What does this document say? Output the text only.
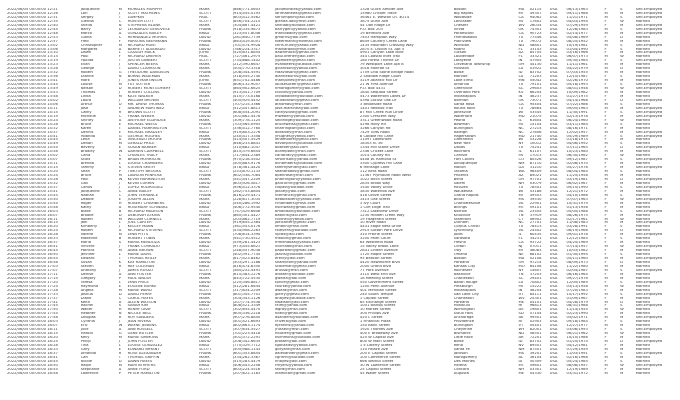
2022/06/05 00:00:00 12:21	Jacqueline	M	MORALES MURPHY	MARK	(866)771-0603	jacqmorales@yahoo.com	1328 Gulch Ambler Ave	Boston	MA	02115	USA	06/13/1963	F	S	Self-Employed
2022/06/05 00:00:00 12:26	Lori	J	SCOTT MATHEWS	SCOTT	(914)555-0193	lorimathews@gmail.com	15980 Cricket Trace	Big Rapids	MI	49307	USA	09/11/1988	M	M	Self-Employed
2022/06/05 00:00:00 12:31	Sergey	T	LUMPKIN	PAUL	(603)412-5562	serlumpkin@aol.com	36461 E. Weston Ln. #214	Woodside	CA	94062	USA	11/21/1971	M	S	Self-Employed
2022/06/05 00:00:00 12:35	Glenda	C	HUNTER LOTT	SCOTT	(856)704-2215	glenda.lott@msn.com	3875 Dunn Ave	Lancaster	PA	17602	USA	04/03/1994	F	W	Married
2022/06/05 00:00:00 12:40	Sheila	N	STEPHENS BLANK	MARK	(304)867-4421	sheilab@outlook.com	44 Oak Ridge Dr	Chester	WV	26034	USA	07/29/1959	F	M	Self-Employed
2022/06/05 00:00:00 12:44	Barry	D	LEONARDO GENOVESE	FRANK	(918)335-9873	barrygen@yahoo.com	P.O. Box 203	Vinita	OK	74301	USA	12/28/1983	M	S	Self-Employed
2022/06/05 00:00:00 12:48	Marco	A	GONZALES BAILEY	BRAD	(323)557-8046	marcobailey@gmail.com	19 Belmont Ave	Paramount	CA	90723	USA	02/14/1977	M	M	Self-Employed
2022/06/05 00:00:00 12:53	Gloria	C	HERNANDEZ MORRIS	DAVID	(281)640-7739	gmorris@aol.com	7403 Hampton Way	Friendswood	TX	77546	USA	05/08/1969	F	D	Married
2022/06/05 00:00:00 12:57	Fred	F	PARSONS BEERMANN	FRANK	(863)419-0051	fbeermann@hotmail.com	8649 Country Creek Lane	Plainview	TX	79072	USA	08/25/1952	M	M	Married
2022/06/05 00:00:00 13:02	Christopher	M	RICHARD HUNT	BRAD	(701)574-9928	chris.hunt@yahoo.com	1435 Mountain Crossing Way	Williston	ND	58801	USA	10/19/1981	M	S	Self-Employed
2022/06/05 00:00:00 13:06	Margaret	A	BARRETT ALVARADO	DAVID	(786)224-3317	malvarado@msn.com	2870 E. Dublin St. Apt 5	Miami	FL	33143	USA	01/04/1990	F	S	Married
2022/06/05 00:00:00 13:10	Dawn	L	CASSIDY MACK	JOHN	(520)631-8854	dawnmack@gmail.com	4901 Canyon Lake Blvd	Tucson	AZ	85705	USA	03/16/1966	F	M	Self-Employed
2022/06/05 00:00:00 13:15	Paul	F	RICHARD DREHER	PAUL	(727)461-2975	paul.dreher@aol.com	344 Coastal Inlet Trail	Lauderdale	FL	33321	USA	06/07/1973	M	W	Married
2022/06/05 00:00:00 13:19	Ypolita	T	JUSTIN GIMBERT	SCOTT	(734)688-1402	ygimbert@gmail.com	180 Forest Thorne Dr	Lafayette	IN	47905	USA	09/30/1985	F	S	Self-Employed
2022/06/05 00:00:00 13:23	Evan	J	SPENCER BEERS	MARK	(212)390-6647	evanbeers@outlook.com	79 Westport Lane Apt B	Cleveland Township	OH	44130	USA	11/11/1961	M	M	Married
2022/06/05 00:00:00 13:28	George	T	DAVID CLARKSON	MARK	(504)770-3318	gclarkson@yahoo.com	3016 Monroe St	Houston	LA	01922	USA	04/22/1979	M	D	Married
2022/06/05 00:00:00 13:32	Robert	G	THEODORE DAVIDSON	FRANK	(208)344-5591	rtdavidson@gmail.com	1759 Lino Stone Bridge Road	Boise	ID	83702	USA	07/03/1955	M	M	Married
2022/06/05 00:00:00 13:36	Dianne	N	BURNS WIDEMAN	MARK	(318)555-2740	dianneburns@aol.com	2 Shadow Ridge Court	Monroe	LA	71203	USA	12/15/1987	F	S	Married
2022/06/05 00:00:00 13:41	Mark	J	JONES MARTINSON	JOHN	(651)702-4486	markjones@msn.com	3219 Atlantic Mill Dr	Lake Elmo	MN	55042	USA	02/26/1970	M	M	Married
2022/06/05 00:00:00 13:45	Louise	M	FUT SUTTER	FRANK	(806)132-9057	louisesutter@gmail.com	21 W First Avenue	Amarillo	TX	79101	USA	05/18/1993	F	S	Self-Employed
2022/06/05 00:00:00 13:49	Nelson	D	ROBERT MONTGOMERY	SCOTT	(864)902-6625	nmontgomery@aol.com	P.O. Box 4431	Greenville	SC	29603	USA	08/01/1958	M	W	Self-Employed
2022/06/05 00:00:00 13:53	Thomas	J	ROBERT COLLINS	DAVID	(913)441-7709	tcollins@yahoo.com	1840 Sequoia Street	Overland Park	KS	66204	USA	10/09/1982	M	M	Married
2022/06/05 00:00:00 13:58	Linda	M	KATE WALKER	MARK	(415)773-0168	lindawalker@outlook.com	5473 Waterford Lakes Dr	Indianapolis	IN	46237	USA	01/27/1975	F	M	Married
2022/06/05 00:00:00 14:02	Laura	J	WILLIAM BROWN	SCOTT	(405)929-4452	laurabrown@gmail.com	4398 Locust Oak Dr	Norman	OK	73071	USA	04/14/1968	F	D	Self-Employed
2022/06/05 00:00:00 14:06	Arthur	D	MR. DREW THOMAS	FRANK	(707)215-3366	athomas@msn.com	3 Brookside Road	Santa Rosa	CA	95404	USA	07/22/1986	M	S	Married
2022/06/05 00:00:00 14:11	Jose	F	ANDREW MARTINEZ	BRAD	(512)447-8813	jose.martinez@aol.com	1401 Redbud Trail	Round Rock	TX	78664	USA	09/05/1963	M	M	Self-Employed
2022/06/05 00:00:00 14:15	Cathy	R	BROWN SCOTT	FRANK	(608)554-2091	cathyscott@gmail.com	87 Mill Creek Run Drive	Janesville	WI	53545	USA	11/30/1991	F	S	Self-Employed
2022/06/05 00:00:00 14:19	Michelle	C	FRANK WEBER	DAVID	(301)662-4478	mweber@yahoo.com	2300 Crescent Way	Waterford	MD	21075	USA	02/13/1978	F	M	Self-Employed
2022/06/05 00:00:00 14:24	Shirley	A	ANTHONY ELDRIDGE	MARK	(309)778-1125	seldridge@outlook.com	3311 Greenwood Road	Peoria	IL	61604	USA	06/24/1960	F	W	Married
2022/06/05 00:00:00 14:28	Bruce	E	MICHAEL WEISS	FRANK	(703)565-0993	bruceweiss@gmail.com	4198 Holly Rd	Bowman	PA	15104	USA	03/11/1984	M	S	Married
2022/06/05 00:00:00 14:32	Karen	T	DANIEL HARRINGTON	SCOTT	(336)412-7760	kharrington@aol.com	3266 Canyon Rd	Burlington	NC	27215	USA	08/16/1971	F	M	Married
2022/06/05 00:00:00 14:37	Dennis	E	MICHAEL BRADLEY	BRAD	(919)803-2276	dbradley@msn.com	7429 Tufts Road	Raleigh	NC	27606	USA	12/02/1957	M	M	Self-Employed
2022/06/05 00:00:00 14:41	Yolanda	G	GEORGE HUGHES	MARK	(240)417-3358	yhughes@yahoo.com	8 Cobble Hill Lane	Hagerstown	MD	21740	USA	05/29/1989	F	S	Self-Employed
2022/06/05 00:00:00 14:45	Lena	A	VINCENZO MOORE	FRANK	(414)507-5529	lenamoore@gmail.com	11097 Lakeshore	Greenfield	WI	53228	USA	01/18/1974	F	M	Married
2022/06/05 00:00:00 14:49	Devon	M	GERALD PRICE	DAVID	(646)233-8841	devonprice@outlook.com	18303 N. 36	New York	NY	10012	USA	04/06/1992	M	S	Married
2022/06/05 00:00:00 14:54	Beverly	E	SUSAN BARBER	BRAD	(310)682-1047	bbarber@aol.com	1344 Mill Stone Drive	Dallas	TX	75241	USA	07/11/1965	F	D	Self-Employed
2022/06/05 00:00:00 14:58	Bradley	W	DARREN CAMPBELL	SCOTT	(815)379-6654	bcampbell@msn.com	2346 Cricket Lane	Rockford	IL	61107	USA	10/23/1980	M	M	Married
2022/06/05 00:00:00 15:02	Carla	C	CHARLES TRACY	MARK	(717)644-2389	carlatracy@gmail.com	1014 County Rd	Carlisle	PA	17013	USA	06/30/1962	F	W	Married
2022/06/05 00:00:00 15:07	Scott	R	BRIAN MORRISON	FRANK	(970)218-5502	smorrison@yahoo.com	4408 W. Ramona St	Fort Collins	CO	80526	USA	09/12/1987	M	S	Self-Employed
2022/06/05 00:00:00 15:11	Brenda	L	LOUISE CHAMBERS	DAVID	(505)883-9176	bchambers@outlook.com	3300 Cypress Hill Lane	Albuquerque	NM	87110	USA	02/08/1970	F	M	Married
2022/06/05 00:00:00 15:15	Tammy	S	STEVEN SMITH	BRAD	(478)361-4420	tammysmith@aol.com	6 Heritage Lane	Macon	GA	31210	USA	05/27/1976	F	M	Self-Employed
2022/06/05 00:00:00 15:20	Sean	P	TIMOTHY BROOKS	SCOTT	(253)870-1133	seanbrooks@gmail.com	112 Kent Road	Tacoma	WA	98409	USA	08/04/1984	M	S	Married
2022/06/05 00:00:00 15:24	Bruce	M	LAWSON PENROSE	FRANK	(602)338-7064	bpenrose@msn.com	11367 Plymouth Road West	Phoenix	AZ	85021	USA	11/25/1958	M	M	Married
2022/06/05 00:00:00 15:28	Paul	W	KEVIN HARRINGTON	MARK	(541)447-2209	pharrington@yahoo.com	1022 Birch Street	Bend	OR	97701	USA	03/19/1981	M	D	Self-Employed
2022/06/05 00:00:00 15:32	Gail	J	KEVIN CURRIN	DAVID	(603)926-5817	gailcurrin@gmail.com	2835 Brook Way	Salem	NH	03079	USA	06/02/1967	F	M	Married
2022/06/05 00:00:00 15:37	Carlos	J	LOPEZ RODRIGUEZ	BRAD	(956)412-3376	clopez@outlook.com	1540 Valley Drive	McAllen	TX	78501	USA	09/15/1990	M	S	Self-Employed
2022/06/05 00:00:00 15:41	Jacqueline	C	ANNE BAILEY	SCOTT	(262)753-8804	jbailey@aol.com	3830 Waterloo Ave	Waukesha	WI	53186	USA	12/21/1972	F	M	Married
2022/06/05 00:00:00 15:45	Nathan	C	JOHN TERRANCE	FRANK	(616)229-4471	nterrance@gmail.com	418 Grove Street	Grand Rapids	MI	49503	USA	04/10/1986	M	S	Married
2022/06/05 00:00:00 15:50	Debbie	E	JOSEPH ALLEN	MARK	(228)617-3035	debbieallen@yahoo.com	1415 Oak Street	Biloxi	MS	39530	USA	07/07/1963	F	W	Self-Employed
2022/06/05 00:00:00 15:54	Roger	H	ROBERT CHAMBERS	DAVID	(540)286-1992	rchambers@msn.com	3 Ivy Court	Charlottesville	VA	22901	USA	10/31/1979	M	M	Married
2022/06/05 00:00:00 15:58	Kathy	A	ROSEMARY SCHWARZ	BRAD	(406)772-9540	kschwarz@gmail.com	1 Cliff Edge Trail	Billings	MT	59101	USA	01/13/1956	F	M	Married
2022/06/05 00:00:00 16:03	Blake	B	RICHARD MADISON	SCOTT	(757)429-6608	bmadison@outlook.com	7312 Lakeview Drive	Norfolk	VA	23505	USA	05/05/1988	M	S	Self-Employed
2022/06/05 00:00:00 16:07	Brooke	D	DEBORAH ATKINS	FRANK	(865)301-4427	batkins@aol.com	1230 Hidden Creek Way	Knoxville	TN	37919	USA	08/26/1975	F	M	Married
2022/06/05 00:00:00 16:11	Robert	M	WILLIAM CORNELL	MARK	(203)862-7719	rcornell@yahoo.com	19 Fitzgerald Street	Stamford	CT	06902	USA	02/17/1961	M	W	Married
2022/06/05 00:00:00 16:15	Joel	L	JOEL CARTER	DAVID	(919)655-2384	joelcarter@gmail.com	10 River Road	Durham	NC	27701	USA	11/08/1983	M	M	Self-Employed
2022/06/05 00:00:00 16:20	Kimberly	J	KELLEY MANN	BRAD	(361)553-0176	kmann@msn.com	4441 Eagle Nest Drive	Corpus Christi	TX	78413	USA	03/28/1991	F	S	Married
2022/06/05 00:00:00 16:24	Robert	A	RICHARD STEVENS	SCOTT	(434)908-2263	rstevens@outlook.com	2915 Sutton Park Drive	Lynchburg	VA	24502	USA	06/19/1966	M	D	Married
2022/06/05 00:00:00 16:28	Valerie	M	LYNN PITTS	FRANK	(708)614-3390	vpitts@aol.com	310 Prairie Street	Joliet	IL	60435	USA	09/01/1978	F	M	Self-Employed
2022/06/05 00:00:00 16:33	Madeline	B	ROBERT TOBIN	MARK	(941)730-5512	mtobin@gmail.com	3200 Palm Court	Sarasota	FL	34231	USA	12/12/1985	F	S	Married
2022/06/05 00:00:00 16:37	Maria	S	MARIA MENDOZA	DAVID	(559)281-4423	mmendoza@yahoo.com	64 Westfield Road	Fresno	CA	93722	USA	04/25/1969	F	M	Married
2022/06/05 00:00:00 16:41	Vincent	J	FRANK CORRADO	BRAD	(973)455-6621	vcorrado@msn.com	15 Valley Brook Lane	Clifton	NJ	07011	USA	07/14/1957	M	W	Self-Employed
2022/06/05 00:00:00 16:45	Patricia	M	ANNE BROWN	SCOTT	(248)557-9038	patbrown@gmail.com	2841 Linden Avenue	Troy	MI	48083	USA	10/03/1982	F	M	Married
2022/06/05 00:00:00 16:50	Jennifer	L	MARIE DAVIS	FRANK	(402)391-7745	jdavis@outlook.com	1720 Maple Street	Omaha	NE	68102	USA	01/30/1994	F	S	Married
2022/06/05 00:00:00 16:54	Edward	T	THOMAS REILLY	MARK	(617)523-8462	ereilly@aol.com	95 Beacon Street	Boston	MA	02108	USA	05/11/1960	M	M	Self-Employed
2022/06/05 00:00:00 16:58	Susan	K	KAY HAMILTON	DAVID	(503)297-1188	shamilton@yahoo.com	4420 Hawthorne Blvd	Portland	OR	97214	USA	08/09/1973	F	D	Married
2022/06/05 00:00:00 17:03	Steven	R	RAY COLEMAN	BRAD	(816)474-6350	scoleman@gmail.com	2000 Grand Blvd	Kansas City	MO	64108	USA	11/22/1980	M	M	Married
2022/06/05 00:00:00 17:07	Anthony	J	JAMES RUSSO	SCOTT	(585)232-4491	arusso@msn.com	77 Park Avenue	Rochester	NY	14607	USA	02/04/1987	M	S	Self-Employed
2022/06/05 00:00:00 17:11	Denise	A	ANN FOSTER	FRANK	(615)383-2276	dfoster@outlook.com	3110 West End Ave	Nashville	TN	37203	USA	06/16/1964	F	M	Married
2022/06/05 00:00:00 17:15	Gregory	P	PAUL WALSH	MARK	(843)722-5530	gwalsh@aol.com	18 Meeting Street	Charleston	SC	29401	USA	09/27/1976	M	M	Married
2022/06/05 00:00:00 17:20	Teresa	L	LYNN PRICE	DAVID	(225)346-8817	tprice@gmail.com	550 Government Street	Baton Rouge	LA	70802	USA	12/05/1989	F	S	Self-Employed
2022/06/05 00:00:00 17:24	Raymond	E	EUGENE BURKE	BRAD	(412)281-6644	rburke@yahoo.com	1200 Penn Avenue	Pittsburgh	PA	15222	USA	03/13/1958	M	W	Married
2022/06/05 00:00:00 17:28	Angela	M	MARIE WARD	SCOTT	(317)634-2209	award@msn.com	401 Meridian Street	Indianapolis	IN	46204	USA	07/20/1983	F	M	Married
2022/06/05 00:00:00 17:33	Joshua	D	DAVID PERRY	FRANK	(801)355-7701	jperry@gmail.com	240 South Temple	Salt Lake City	UT	84111	USA	10/17/1992	M	S	Self-Employed
2022/06/05 00:00:00 17:37	Diane	C	CAROL HAYES	MARK	(304)343-1126	dhayes@outlook.com	1 Capitol Street	Charleston	WV	25301	USA	01/09/1967	F	M	Married
2022/06/05 00:00:00 17:41	Keith	A	ALLEN WATSON	DAVID	(207)774-5538	kwatson@aol.com	65 Exchange Street	Portland	ME	04101	USA	04/28/1979	M	D	Married
2022/06/05 00:00:00 17:45	Rachel	S	SARAH KIM	BRAD	(808)521-3349	rkim@yahoo.com	1001 Bishop Street	Honolulu	HI	96813	USA	08/31/1988	F	S	Self-Employed
2022/06/05 00:00:00 17:50	Walter	H	HENRY GRAY	SCOTT	(302)655-4470	wgray@msn.com	10 Market Street	Wilmington	DE	19801	USA	11/14/1955	M	W	Married
2022/06/05 00:00:00 17:54	Heather	N	NICOLE BELL	FRANK	(605)336-2218	hbell@gmail.com	300 Phillips Ave	Sioux Falls	SD	57104	USA	02/23/1990	F	M	Married
2022/06/05 00:00:00 17:58	Douglas	R	ROY SANDERS	MARK	(907)276-8850	dsanders@outlook.com	420 L Street	Anchorage	AK	99501	USA	05/02/1971	M	M	Self-Employed
2022/06/05 00:00:00 18:03	Cynthia	J	JEAN RIVERA	DAVID	(401)421-6693	crivera@aol.com	1 Financial Plaza	Providence	RI	02903	USA	09/18/1984	F	S	Married
2022/06/05 00:00:00 18:07	Eric	W	WAYNE JENKINS	BRAD	(802)863-1174	ejenkins@yahoo.com	150 Bank Street	Burlington	VT	05401	USA	12/27/1977	M	M	Married
2022/06/05 00:00:00 18:11	Julie	A	ANN RUSSELL	SCOTT	(307)634-5527	jrussell@msn.com	1920 Thomes Ave	Cheyenne	WY	82001	USA	03/06/1993	F	S	Self-Employed
2022/06/05 00:00:00 18:15	Harold	G	GENE BUTLER	FRANK	(701)223-4418	hbutler@gmail.com	400 E Broadway Ave	Bismarck	ND	58501	USA	06/21/1962	M	W	Married
2022/06/05 00:00:00 18:20	Kelly	M	MARIE SIMMONS	MARK	(501)372-2291	ksimmons@outlook.com	425 W Capitol Ave	Little Rock	AR	72201	USA	10/10/1986	F	M	Married
2022/06/05 00:00:00 18:24	Philip	J	JOHN FOSTER	DAVID	(208)342-6635	pfoster@aol.com	800 W Main Street	Boise	ID	83702	USA	01/25/1974	M	D	Self-Employed
2022/06/05 00:00:00 18:28	Tina	L	LOUISE GONZALEZ	BRAD	(775)329-7712	tgonzalez@yahoo.com	1 E Liberty Street	Reno	NV	89501	USA	04/12/1981	F	M	Married
2022/06/05 00:00:00 18:33	Gary	E	EDWARD BRYANT	SCOTT	(505)988-1143	gbryant@msn.com	110 Palace Ave	Santa Fe	NM	87501	USA	07/29/1959	M	M	Married
2022/06/05 00:00:00 18:37	Amanda	R	ROSE ALEXANDER	FRANK	(601)353-8854	aalexander@gmail.com	200 E Capitol Street	Jackson	MS	39201	USA	11/03/1991	F	S	Self-Employed
2022/06/05 00:00:00 18:41	Carl	T	THOMAS GRIFFIN	MARK	(334)262-3367	cgriffin@outlook.com	100 Commerce Street	Montgomery	AL	36104	USA	02/16/1968	M	M	Married
2022/06/05 00:00:00 18:45	Nicole	D	DAWN HAYES	DAVID	(515)283-4479	nhayes@aol.com	666 Walnut Street	Des Moines	IA	50309	USA	05/24/1985	F	S	Married
2022/06/05 00:00:00 18:50	Ralph	M	MARTIN MYERS	BRAD	(406)443-2258	rmyers@yahoo.com	30 W Lawrence Street	Helena	MT	59601	USA	08/08/1957	M	W	Self-Employed
2022/06/05 00:00:00 18:54	Stephanie	A	ANNE FORD	SCOTT	(603)224-5516	sford@msn.com	25 Capitol Street	Concord	NH	03301	USA	12/19/1989	F	M	Married
2022/06/05 00:00:00 18:58	Lawrence	P	PETER HAMILTON	FRANK	(207)622-1183	lhamilton@gmail.com	45 Water Street	Augusta	ME	04330	USA	03/31/1972	M	M	Married
